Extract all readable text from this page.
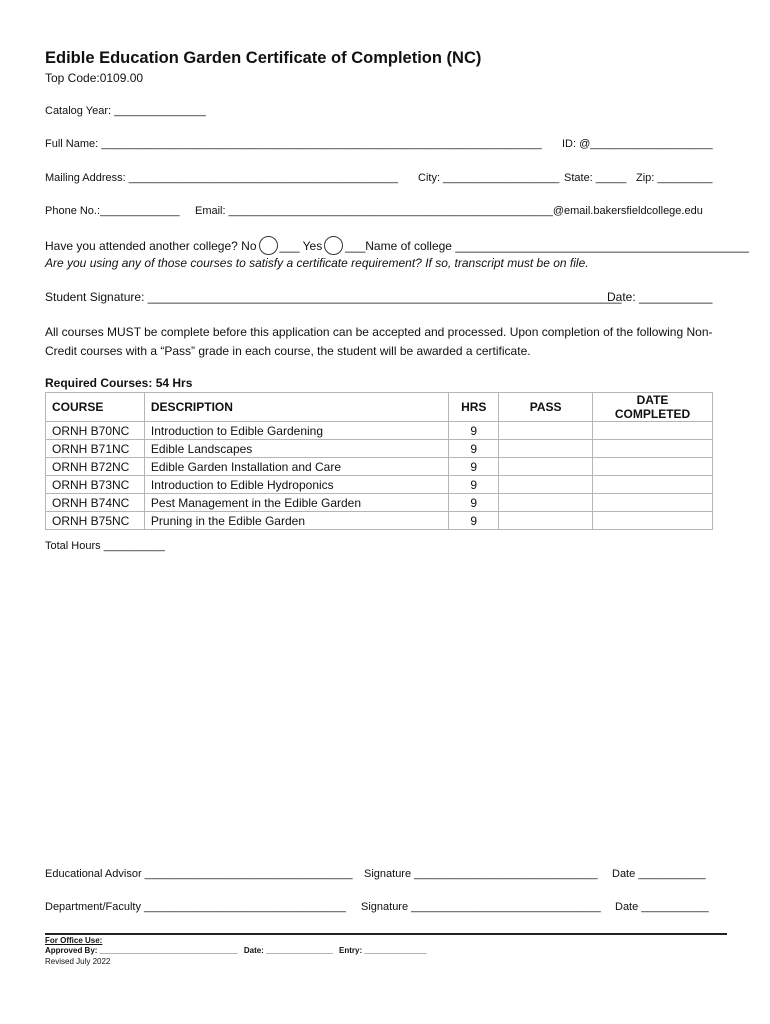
Edible Education Garden Certificate of Completion (NC)
Top Code:0109.00
Catalog Year: _______________
Full Name: ________________________________________________________________________ ID: @____________________
Mailing Address: ____________________________________________ City: ___________________ State: _____ Zip: _________
Phone No.:_____________ Email: _____________________________________________________@email.bakersfieldcollege.edu
Have you attended another college? No ___ Yes ___Name of college ____________________________________________
Are you using any of those courses to satisfy a certificate requirement? If so, transcript must be on file.
Student Signature: _______________________________________________________________________
Date: ___________
All courses MUST be complete before this application can be accepted and processed. Upon completion of the following Non-Credit courses with a “Pass” grade in each course, the student will be awarded a certificate.
Required Courses: 54 Hrs
COURSE	DESCRIPTION	HRS	PASS	DATE COMPLETED
ORNH B70NC	Introduction to Edible Gardening	9		
ORNH B71NC	Edible Landscapes	9		
ORNH B72NC	Edible Garden Installation and Care	9		
ORNH B73NC	Introduction to Edible Hydroponics	9		
ORNH B74NC	Pest Management in the Edible Garden	9		
ORNH B75NC	Pruning in the Edible Garden	9		
Total Hours __________
Educational Advisor __________________________________ Signature ______________________________ Date ___________
Department/Faculty _________________________________ Signature _______________________________ Date ___________
For Office Use:
Approved By: _______________________________ Date: _______________ Entry: ______________
Revised July 2022
